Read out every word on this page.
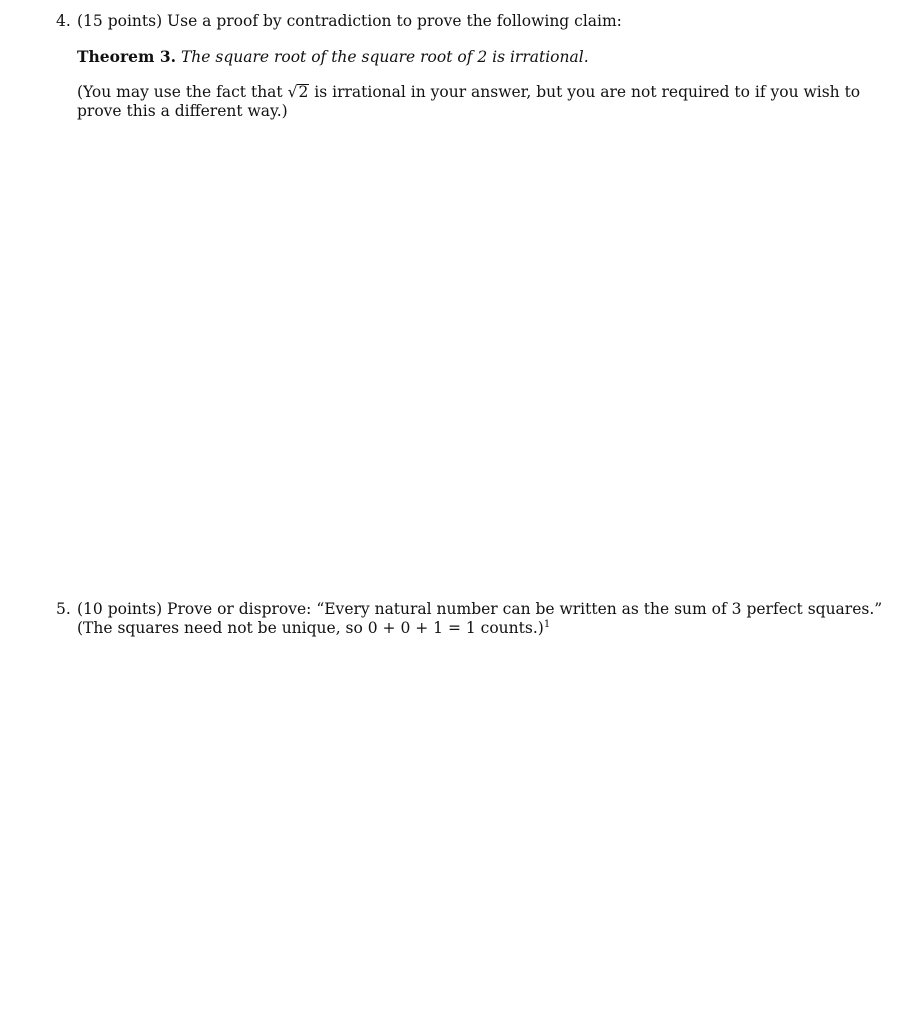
4. (15 points) Use a proof by contradiction to prove the following claim:
Theorem 3. The square root of the square root of 2 is irrational.
(You may use the fact that √2 is irrational in your answer, but you are not required to if you wish to
prove this a different way.)
5. (10 points) Prove or disprove: “Every natural number can be written as the sum of 3 perfect squares.”
(The squares need not be unique, so 0 + 0 + 1 = 1 counts.)$^1$
